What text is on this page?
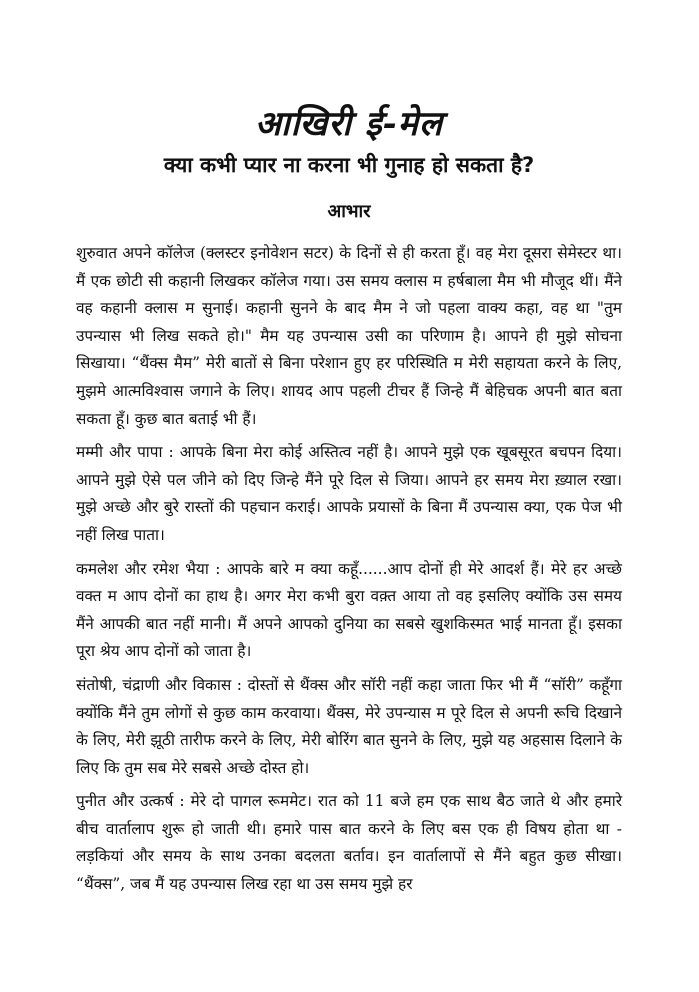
आखिरी ई-मेल
क्या कभी प्यार ना करना भी गुनाह हो सकता है?
आभार

शुरुवात अपने कॉलेज (क्लस्टर इनोवेशन सटर) के दिनों से ही करता हूँ। वह मेरा दूसरा सेमेस्टर था। मैं एक छोटी सी कहानी लिखकर कॉलेज गया। उस समय क्लास म हर्षबाला मैम भी मौजूद थीं। मैंने वह कहानी क्लास म सुनाई। कहानी सुनने के बाद मैम ने जो पहला वाक्य कहा, वह था "तुम उपन्यास भी लिख सकते हो।" मैम यह उपन्यास उसी का परिणाम है। आपने ही मुझे सोचना सिखाया। “थैंक्स मैम” मेरी बातों से बिना परेशान हुए हर परिस्थिति म मेरी सहायता करने के लिए, मुझमे आत्मविश्वास जगाने के लिए। शायद आप पहली टीचर हैं जिन्हे मैं बेहिचक अपनी बात बता सकता हूँ। कुछ बात बताई भी हैं।

मम्मी और पापा : आपके बिना मेरा कोई अस्तित्व नहीं है। आपने मुझे एक खूबसूरत बचपन दिया। आपने मुझे ऐसे पल जीने को दिए जिन्हे मैंने पूरे दिल से जिया। आपने हर समय मेरा ख़्याल रखा। मुझे अच्छे और बुरे रास्तों की पहचान कराई। आपके प्रयासों के बिना मैं उपन्यास क्या, एक पेज भी नहीं लिख पाता।

कमलेश और रमेश भैया : आपके बारे म क्या कहूँ......आप दोनों ही मेरे आदर्श हैं। मेरे हर अच्छे वक्त म आप दोनों का हाथ है। अगर मेरा कभी बुरा वक़्त आया तो वह इसलिए क्योंकि उस समय मैंने आपकी बात नहीं मानी। मैं अपने आपको दुनिया का सबसे खुशकिस्मत भाई मानता हूँ। इसका पूरा श्रेय आप दोनों को जाता है।

संतोषी, चंद्राणी और विकास : दोस्तों से थैंक्स और सॉरी नहीं कहा जाता फिर भी मैं “सॉरी” कहूँगा क्योंकि मैंने तुम लोगों से कुछ काम करवाया। थैंक्स, मेरे उपन्यास म पूरे दिल से अपनी रूचि दिखाने के लिए, मेरी झूठी तारीफ करने के लिए, मेरी बोरिंग बात सुनने के लिए, मुझे यह अहसास दिलाने के लिए कि तुम सब मेरे सबसे अच्छे दोस्त हो।

पुनीत और उत्कर्ष : मेरे दो पागल रूममेट। रात को 11 बजे हम एक साथ बैठ जाते थे और हमारे बीच वार्तालाप शुरू हो जाती थी। हमारे पास बात करने के लिए बस एक ही विषय होता था - लड़कियां और समय के साथ उनका बदलता बर्ताव। इन वार्तालापों से मैंने बहुत कुछ सीखा। “थैंक्स”, जब मैं यह उपन्यास लिख रहा था उस समय मुझे हर
